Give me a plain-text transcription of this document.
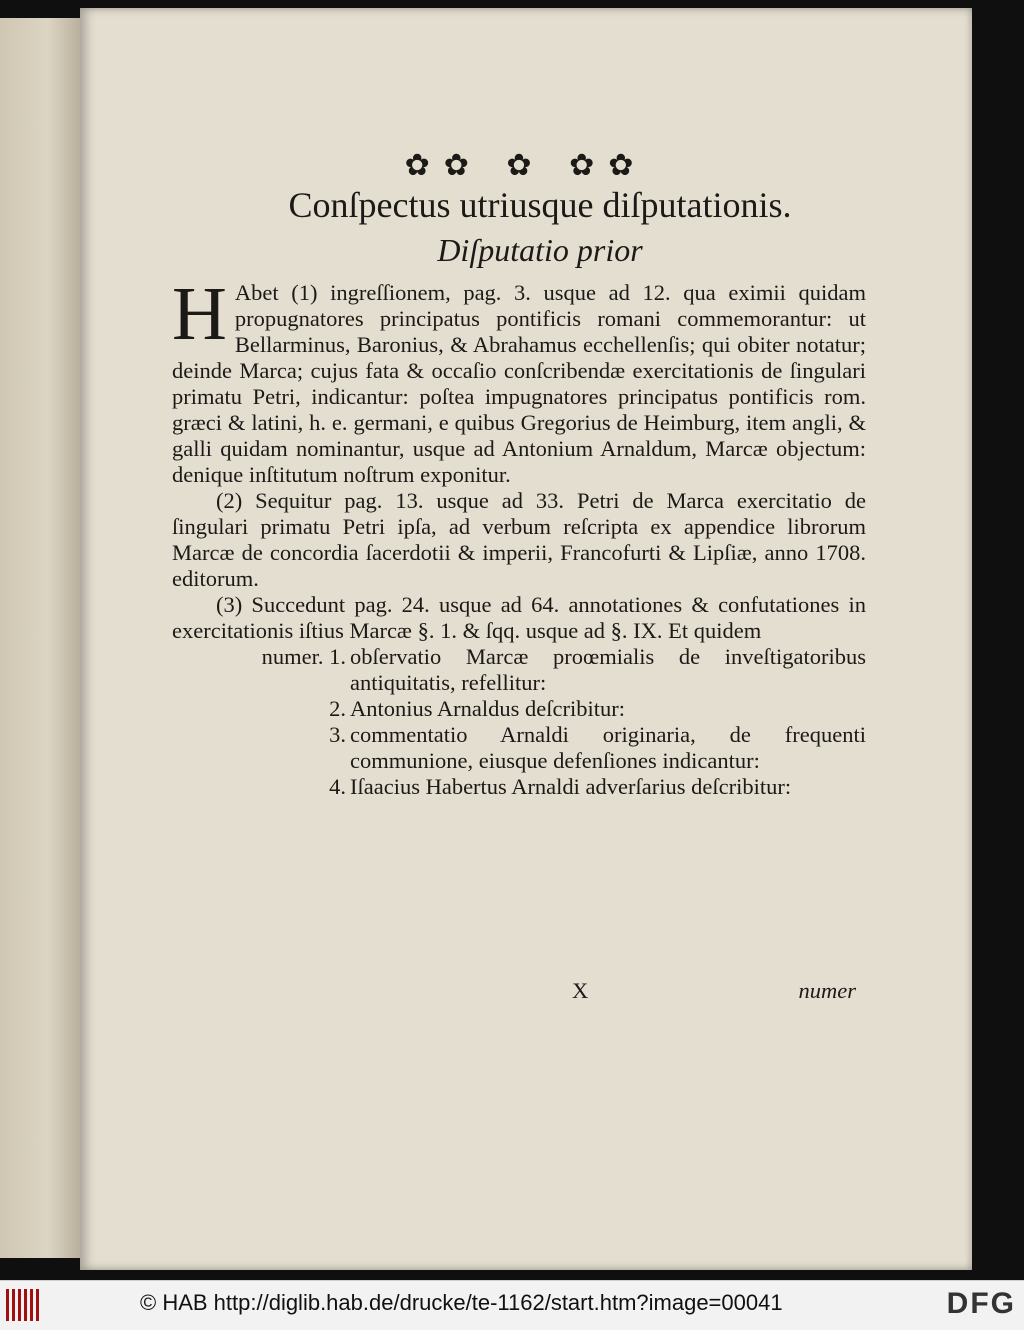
✿✿ ✿ ✿✿
Conſpectus utriusque diſputationis.
Diſputatio prior

H Abet (1) ingreſſionem, pag. 3. usque ad 12. qua eximii quidam propugnatores principatus pontificis romani commemorantur: ut Bellarminus, Baronius, & Abrahamus ecchellenſis; qui obiter notatur; deinde Marca; cujus fata & occaſio conſcribendæ exercitationis de ſingulari primatu Petri, indicantur: poſtea impugnatores principatus pontificis rom. græci & latini, h. e. germani, e quibus Gregorius de Heimburg, item angli, & galli quidam nominantur, usque ad Antonium Arnaldum, Marcæ objectum: denique inſtitutum noſtrum exponitur.

(2) Sequitur pag. 13. usque ad 33. Petri de Marca exercitatio de ſingulari primatu Petri ipſa, ad verbum reſcripta ex appendice librorum Marcæ de concordia ſacerdotii & imperii, Francofurti & Lipſiæ, anno 1708. editorum.

(3) Succedunt pag. 24. usque ad 64. annotationes & confutationes in exercitationis iſtius Marcæ §. 1. & ſqq. usque ad §. IX. Et quidem

numer. 1. obſervatio Marcæ proœmialis de inveſtigatoribus antiquitatis, refellitur:
2. Antonius Arnaldus deſcribitur:
3. commentatio Arnaldi originaria, de frequenti communione, eiusque defenſiones indicantur:
4. Iſaacius Habertus Arnaldi adverſarius deſcribitur:
X	numer
© HAB http://diglib.hab.de/drucke/te-1162/start.htm?image=00041	DFG
